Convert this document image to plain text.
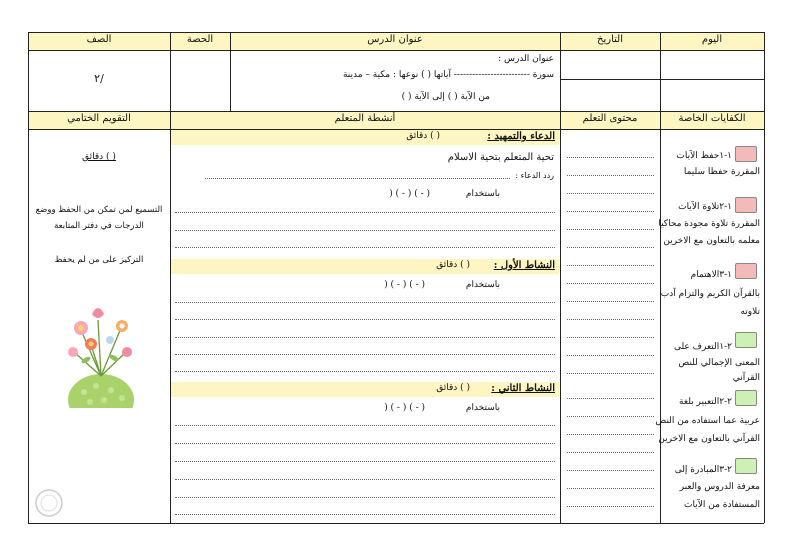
اليوم
التاريخ
عنوان الدرس
الحصة
الصف
عنوان الدرس :
سورة ------------------------- آياتها ( ) نوعها : مكية – مدينة
من الآية ( ) إلى الآية ( )
٢/
الكفايات الخاصة
محتوى التعلم
أنشطة المتعلم
التقويم الختامي
الدعاء والتمهيد :
( ) دقائق
تحية المتعلم بتحية الاسلام
ردد الدعاء :
باستخدام
( - ) ( - ) (
النشاط الأول :
( ) دقائق
باستخدام
( - ) ( - ) (
النشاط الثاني :
( ) دقائق
باستخدام
( - ) ( - ) (
١-١حفظ الآيات
المقررة حفظا سليما
١-٢تلاوة الآيات
المقررة تلاوة مجودة محاكيا
معلمه بالتعاون مع الاخرين
١-٣الاهتمام
بالقرآن الكريم والتزام آدب
تلاوته
٢-١التعرف على
المعنى الإجمالي للنص
القرآني
٢-٢التعبير بلغة
عربية عما استفاده من النص
القرآني بالتعاون مع الاخرين
٢-٣المبادرة إلى
معرفة الدروس والعبر
المستفادة من الآيات
( ) دقائق
التسميع لمن تمكن من الحفظ ووضع
الدرجات في دفتر المتابعة
التركيز على من لم يحفظ
